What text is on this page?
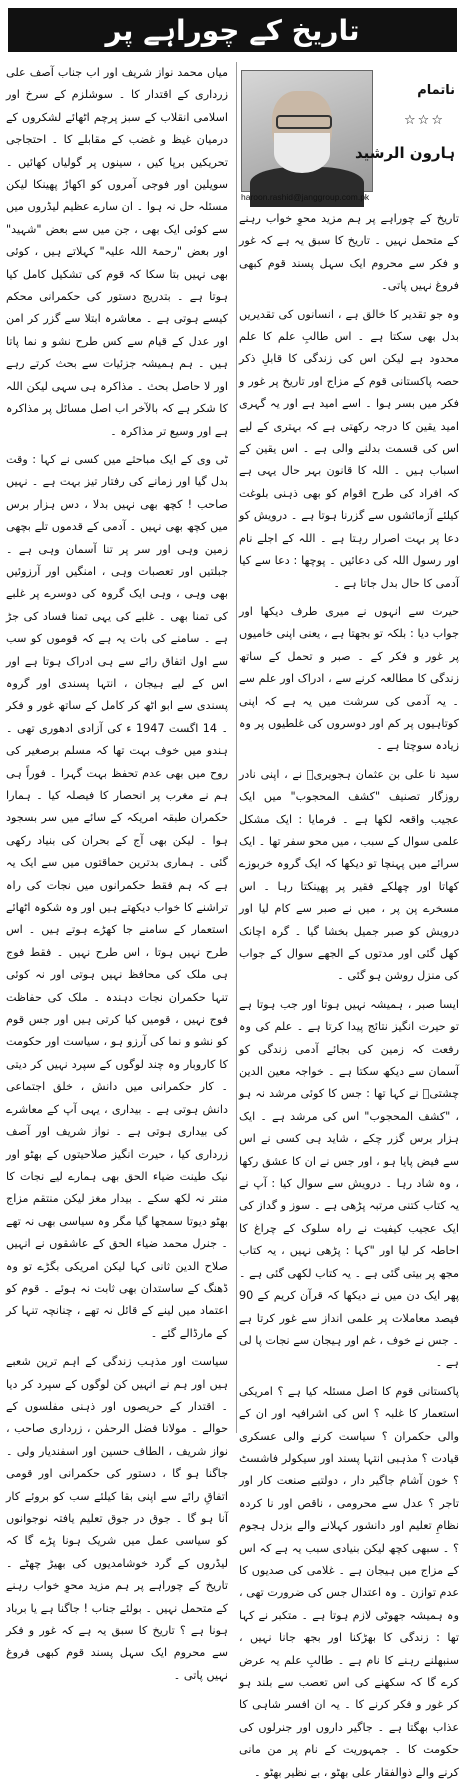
تاریخ کے چوراہے پر
haroon.rashid@janggroup.com.pk
ناتمام
☆☆☆
ہارون الرشید

تاریخ کے چوراہے پر ہم مزید محوِ خواب رہنے کے متحمل نہیں ۔ تاریخ کا سبق یہ ہے کہ غور و فکر سے محروم ایک سہل پسند قوم کبھی فروغ نہیں پاتی۔

وہ جو تقدیر کا خالق ہے ، انسانوں کی تقدیریں بدل بھی سکتا ہے ۔ اس طالبِ علم کا علم محدود ہے لیکن اس کی زندگی کا قابلِ ذکر حصہ پاکستانی قوم کے مزاج اور تاریخ پر غور و فکر میں بسر ہوا ۔ اسے امید ہے اور یہ گہری امید یقین کا درجہ رکھتی ہے کہ بہتری کے لیے اس کی قسمت بدلنے والی ہے ۔ اس یقین کے اسباب ہیں ۔ اللہ کا قانون بہر حال یہی ہے کہ افراد کی طرح اقوام کو بھی ذہنی بلوغت کیلئے آزمائشوں سے گزرنا ہوتا ہے ۔ درویش کو دعا پر بہت اصرار رہتا ہے ۔ اللہ کے اجلے نام اور رسول اللہ کی دعائیں ۔ پوچھا : دعا سے کیا آدمی کا حال بدل جاتا ہے ۔

حیرت سے انہوں نے میری طرف دیکھا اور جواب دیا : بلکہ تو بجھتا ہے ، یعنی اپنی خامیوں پر غور و فکر کے ۔ صبر و تحمل کے ساتھ زندگی کا مطالعہ کرنے سے ، ادراک اور علم سے ۔ یہ آدمی کی سرشت میں یہ ہے کہ اپنی کوتاہیوں پر کم اور دوسروں کی غلطیوں پر وہ زیادہ سوچتا ہے ۔

سید نا علی بن عثمان ہجویریؒ نے ، اپنی نادر روزگار تصنیف "کشف المحجوب" میں ایک عجیب واقعہ لکھا ہے ۔ فرمایا : ایک مشکل علمی سوال کے سبب ، میں محو سفر تھا ۔ ایک سرائے میں پہنچا تو دیکھا کہ ایک گروہ خربوزے کھاتا اور چھلکے فقیر پر پھینکتا رہا ۔ اس مسخرے پن پر ، میں نے صبر سے کام لیا اور درویش کو صبر جمیل بخشا گیا ۔ گرہ اچانک کھل گئی اور مدتوں کے الجھے سوال کے جواب کی منزل روشن ہو گئی ۔

ایسا صبر ، ہمیشہ نہیں ہوتا اور جب ہوتا ہے تو حیرت انگیز نتائج پیدا کرتا ہے ۔ علم کی وہ رفعت کہ زمین کی بجائے آدمی زندگی کو آسمان سے دیکھ سکتا ہے ۔ خواجہ معین الدین چشتیؒ نے کہا تھا : جس کا کوئی مرشد نہ ہو ، "کشف المحجوب" اس کی مرشد ہے ۔ ایک ہزار برس گزر چکے ، شاید ہی کسی نے اس سے فیض پایا ہو ، اور جس نے ان کا عشق رکھا ، وہ شاد رہا ۔ درویش سے سوال کیا : آپ نے یہ کتاب کتنی مرتبہ پڑھی ہے ۔ سوز و گداز کی ایک عجیب کیفیت نے راہ سلوک کے چراغ کا احاطہ کر لیا اور "کہا : پڑھی نہیں ، یہ کتاب مجھ پر بیتی گئی ہے ۔ یہ کتاب لکھی گئی ہے ۔ پھر ایک دن میں نے دیکھا کہ قرآن کریم کے 90 فیصد معاملات پر علمی انداز سے غور کرتا ہے ۔ جس نے خوف ، غم اور ہیجان سے نجات پا لی ہے ۔

پاکستانی قوم کا اصل مسئلہ کیا ہے ؟ امریکی استعمار کا غلبہ ؟ اس کی اشرافیہ اور ان کے والی حکمران ؟ سیاست کرنے والی عسکری قیادت ؟ مذہبی انتہا پسند اور سیکولر فاشسٹ ؟ خون آشام جاگیر دار ، دولتیے صنعت کار اور تاجر ؟ عدل سے محرومی ، ناقص اور نا کردہ نظامِ تعلیم اور دانشور کہلانے والے بزدل ہجوم ؟ ۔ سبھی کچھ لیکن بنیادی سبب یہ ہے کہ اس کے مزاج میں ہیجان ہے ۔ غلامی کی صدیوں کا عدم توازن ۔ وہ اعتدال جس کی ضرورت تھی ، وہ ہمیشہ جھوٹی لازم ہوتا ہے ۔ متکبر نے کہا تھا : زندگی کا بھڑکنا اور بجھ جانا نہیں ، سنبھلنے رہنے کا نام ہے ۔ طالبِ علم یہ عرض کرے گا کہ سکھنے کی اس تعصب سے بلند ہو کر غور و فکر کرنے کا ۔ یہ ان افسر شاہی کا عذاب بھگتا ہے ۔ جاگیر داروں اور جنرلوں کی حکومت کا ۔ جمہوریت کے نام پر من مانی کرنے والے ذوالفقار علی بھٹو ، بے نظیر بھٹو ۔

میاں محمد نواز شریف اور اب جناب آصف علی زرداری کے اقتدار کا ۔ سوشلزم کے سرخ اور اسلامی انقلاب کے سبز پرچم اٹھائے لشکروں کے درمیان غیظ و غضب کے مقابلے کا ۔ احتجاجی تحریکیں برپا کیں ، سینوں پر گولیاں کھائیں ۔ سویلین اور فوجی آمروں کو اکھاڑ پھینکا لیکن مسئلہ حل نہ ہوا ۔ ان سارے عظیم لیڈروں میں سے کوئی ایک بھی ، جن میں سے بعض "شہید" اور بعض "رحمۃ اللہ علیہ" کہلاتے ہیں ، کوئی بھی نہیں بتا سکا کہ قوم کی تشکیل کامل کیا ہوتا ہے ۔ بتدریج دستور کی حکمرانی محکم کیسے ہوتی ہے ۔ معاشرہ ابتلا سے گزر کر امن اور عدل کے قیام سے کس طرح نشو و نما پاتا ہیں ۔ ہم ہمیشہ جزئیات سے بحث کرتے رہے اور لا حاصل بحث ۔ مذاکرہ ہی سہی لیکن اللہ کا شکر ہے کہ بالآخر اب اصل مسائل پر مذاکرہ ہے اور وسیع تر مذاکرہ ۔

ٹی وی کے ایک مباحثے میں کسی نے کہا : وقت بدل گیا اور زمانے کی رفتار تیز بہت ہے ۔ نہیں صاحب ! کچھ بھی نہیں بدلا ، دس ہزار برس میں کچھ بھی نہیں ۔ آدمی کے قدموں تلے بچھی زمین وہی اور سر پر تنا آسمان وہی ہے ۔ جبلتیں اور تعصبات وہی ، امنگیں اور آرزوئیں بھی وہی ، وہی ایک گروہ کی دوسرے پر غلبے کی تمنا بھی ۔ غلبے کی یہی تمنا فساد کی جڑ ہے ۔ سامنے کی بات یہ ہے کہ قوموں کو سب سے اول اتفاق رائے سے ہی ادراک ہوتا ہے اور اس کے لیے ہیجان ، انتہا پسندی اور گروہ پسندی سے ابو اٹھ کر کامل کے ساتھ غور و فکر ۔ 14 اگست 1947 ء کی آزادی ادھوری تھی ۔ ہندو میں خوف بہت تھا کہ مسلم برصغیر کی روح میں بھی عدم تحفظ بہت گہرا ۔ فوراً ہی ہم نے مغرب پر انحصار کا فیصلہ کیا ۔ ہمارا حکمران طبقہ امریکہ کے سائے میں سر بسجود ہوا ۔ لیکن بھی آج کے بحران کی بنیاد رکھی گئی ۔ ہماری بدترین حماقتوں میں سے ایک یہ ہے کہ ہم فقط حکمرانوں میں نجات کی راہ تراشنے کا خواب دیکھتے ہیں اور وہ شکوہ اٹھائے استعمار کے سامنے جا کھڑے ہوتے ہیں ۔ اس طرح نہیں ہوتا ، اس طرح نہیں ۔ فقط فوج ہی ملک کی محافظ نہیں ہوتی اور نہ کوئی تنہا حکمران نجات دہندہ ۔ ملک کی حفاظت فوج نہیں ، قومیں کیا کرتی ہیں اور جس قوم کو نشو و نما کی آرزو ہو ، سیاست اور حکومت کا کاروبار وہ چند لوگوں کے سپرد نہیں کر دیتی ۔ کار حکمرانی میں دانش ، خلق اجتماعی دانش ہوتی ہے ۔ بیداری ، یہی آپ کے معاشرے کی بیداری ہوتی ہے ۔ نواز شریف اور آصف زرداری کیا ، حیرت انگیز صلاحیتوں کے بھٹو اور نیک طینت ضیاء الحق بھی ہمارے لیے نجات کا منتر نہ لکھ سکے ۔ بیدار مغز لیکن منتقم مزاج بھٹو دیوتا سمجھا گیا مگر وہ سیاسی بھی نہ تھے ۔ جنرل محمد ضیاء الحق کے عاشقوں نے انہیں صلاح الدین ثانی کہا لیکن امریکی بگڑے تو وہ ڈھنگ کے ساستدان بھی ثابت نہ ہوئے ۔ قوم کو اعتماد میں لینے کے قائل نہ تھے ، چنانچہ تنہا کر کے مارڈالے گئے ۔

سیاست اور مذہب زندگی کے اہم ترین شعبے ہیں اور ہم نے انہیں کن لوگوں کے سپرد کر دیا ۔ اقتدار کے حریصوں اور ذہنی مفلسوں کے حوالے ۔ مولانا فضل الرحمٰن ، زرداری صاحب ، نواز شریف ، الطاف حسین اور اسفندیار ولی ۔ جاگنا ہو گا ، دستور کی حکمرانی اور قومی اتفاقِ رائے سے اپنی بقا کیلئے سب کو بروئے کار آنا ہو گا ۔ جوق در جوق تعلیم یافتہ نوجوانوں کو سیاسی عمل میں شریک ہونا پڑے گا کہ لیڈروں کے گرد خوشامدیوں کی بھیڑ چھٹے ۔ تاریخ کے چوراہے پر ہم مزید محوِ خواب رہنے کے متحمل نہیں ۔ بولئے جناب ! جاگنا ہے یا برباد ہونا ہے ؟ تاریخ کا سبق یہ ہے کہ غور و فکر سے محروم ایک سہل پسند قوم کبھی فروغ نہیں پاتی ۔
